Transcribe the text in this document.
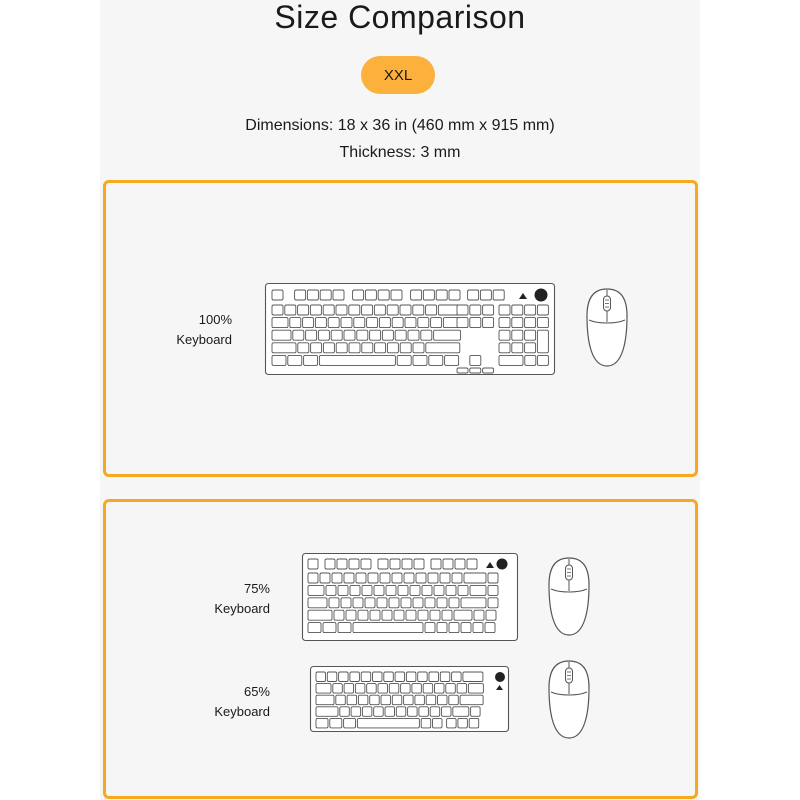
Size Comparison
XXL
Dimensions: 18 x 36 in (460 mm x 915 mm)
Thickness: 3 mm
100%
Keyboard
75%
Keyboard
65%
Keyboard
